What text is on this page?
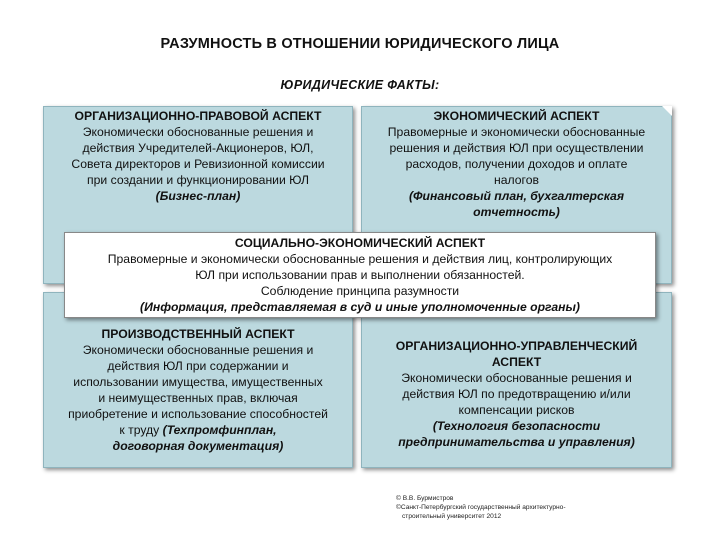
РАЗУМНОСТЬ В ОТНОШЕНИИ ЮРИДИЧЕСКОГО ЛИЦА
ЮРИДИЧЕСКИЕ ФАКТЫ:
ОРГАНИЗАЦИОННО-ПРАВОВОЙ АСПЕКТ
Экономически обоснованные решения и
действия Учредителей-Акционеров, ЮЛ,
Совета директоров и Ревизионной комиссии
при создании и функционировании ЮЛ
(Бизнес-план)
ЭКОНОМИЧЕСКИЙ АСПЕКТ
Правомерные и экономически обоснованные
решения и действия ЮЛ при осуществлении
расходов, получении доходов и оплате
налогов
(Финансовый план, бухгалтерская
отчетность)
ПРОИЗВОДСТВЕННЫЙ АСПЕКТ
Экономически обоснованные решения и
действия ЮЛ при содержании и
использовании имущества, имущественных
и неимущественных прав, включая
приобретение и использование способностей
к труду (Техпромфинплан,
договорная документация)
ОРГАНИЗАЦИОННО-УПРАВЛЕНЧЕСКИЙ
АСПЕКТ
Экономически обоснованные решения и
действия ЮЛ по предотвращению и/или
компенсации рисков
(Технология безопасности
предпринимательства и управления)
СОЦИАЛЬНО-ЭКОНОМИЧЕСКИЙ АСПЕКТ
Правомерные и экономически обоснованные решения и действия лиц, контролирующих
ЮЛ при использовании прав и выполнении обязанностей.
Соблюдение принципа разумности
(Информация, представляемая в суд и иные уполномоченные органы)
© В.В. Бурмистров
©Санкт-Петербургский государственный архитектурно-
строительный университет 2012
